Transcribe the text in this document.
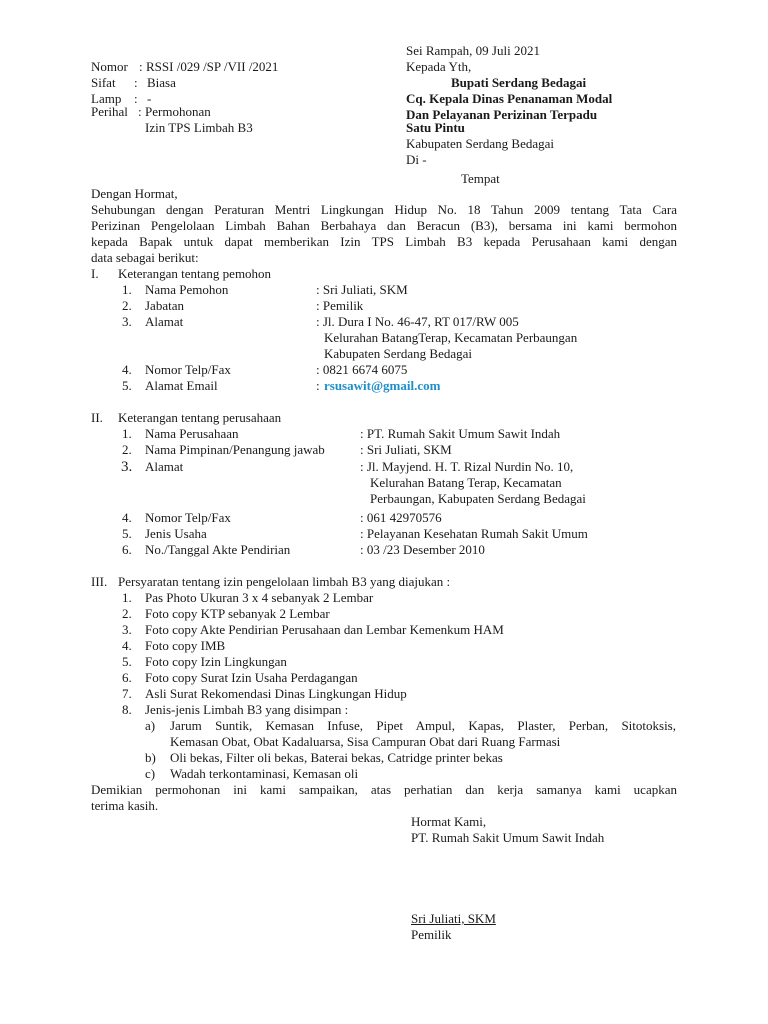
Sei Rampah, 09 Juli 2021
Kepada Yth,
Bupati Serdang Bedagai
Cq. Kepala Dinas Penanaman Modal
Dan Pelayanan Perizinan Terpadu
Satu Pintu
Kabupaten Serdang Bedagai
Di -
Tempat
Nomor : RSSI /029 /SP /VII /2021
Sifat : Biasa
Lamp : -
Perihal : Permohonan
Izin TPS Limbah B3
Dengan Hormat,
Sehubungan dengan Peraturan Mentri Lingkungan Hidup No. 18 Tahun 2009 tentang Tata Cara
Perizinan Pengelolaan Limbah Bahan Berbahaya dan Beracun (B3), bersama ini kami bermohon
kepada Bapak untuk dapat memberikan Izin TPS Limbah B3 kepada Perusahaan kami dengan
data sebagai berikut:
I. Keterangan tentang pemohon
1. Nama Pemohon	: Sri Juliati, SKM
2. Jabatan	: Pemilik
3. Alamat	: Jl. Dura I No. 46-47, RT 017/RW 005
Kelurahan BatangTerap, Kecamatan Perbaungan
Kabupaten Serdang Bedagai
4. Nomor Telp/Fax	: 0821 6674 6075
5. Alamat Email	: rsusawit@gmail.com
II. Keterangan tentang perusahaan
1. Nama Perusahaan	: PT. Rumah Sakit Umum Sawit Indah
2. Nama Pimpinan/Penangung jawab	: Sri Juliati, SKM
3. Alamat	: Jl. Mayjend. H. T. Rizal Nurdin No. 10,
Kelurahan Batang Terap, Kecamatan
Perbaungan, Kabupaten Serdang Bedagai
4. Nomor Telp/Fax	: 061 42970576
5. Jenis Usaha	: Pelayanan Kesehatan Rumah Sakit Umum
6. No./Tanggal Akte Pendirian	: 03 /23 Desember 2010
III. Persyaratan tentang izin pengelolaan limbah B3 yang diajukan :
1. Pas Photo Ukuran 3 x 4 sebanyak 2 Lembar
2. Foto copy KTP sebanyak 2 Lembar
3. Foto copy Akte Pendirian Perusahaan dan Lembar Kemenkum HAM
4. Foto copy IMB
5. Foto copy Izin Lingkungan
6. Foto copy Surat Izin Usaha Perdagangan
7. Asli Surat Rekomendasi Dinas Lingkungan Hidup
8. Jenis-jenis Limbah B3 yang disimpan :
a) Jarum Suntik, Kemasan Infuse, Pipet Ampul, Kapas, Plaster, Perban, Sitotoksis,
Kemasan Obat, Obat Kadaluarsa, Sisa Campuran Obat dari Ruang Farmasi
b) Oli bekas, Filter oli bekas, Baterai bekas, Catridge printer bekas
c) Wadah terkontaminasi, Kemasan oli
Demikian permohonan ini kami sampaikan, atas perhatian dan kerja samanya kami ucapkan
terima kasih.
Hormat Kami,
PT. Rumah Sakit Umum Sawit Indah
Sri Juliati, SKM
Pemilik
